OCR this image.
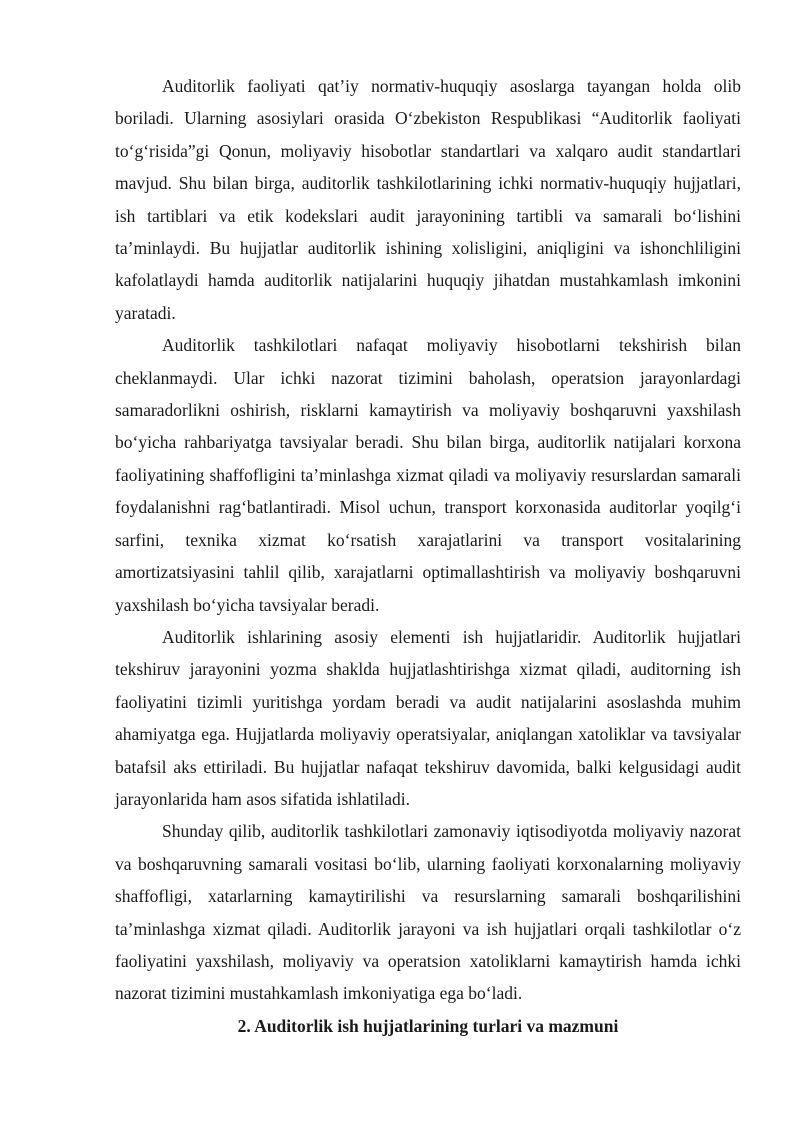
Auditorlik faoliyati qat’iy normativ-huquqiy asoslarga tayangan holda olib boriladi. Ularning asosiylari orasida O‘zbekiston Respublikasi “Auditorlik faoliyati to‘g‘risida”gi Qonun, moliyaviy hisobotlar standartlari va xalqaro audit standartlari mavjud. Shu bilan birga, auditorlik tashkilotlarining ichki normativ-huquqiy hujjatlari, ish tartiblari va etik kodekslari audit jarayonining tartibli va samarali bo‘lishini ta’minlaydi. Bu hujjatlar auditorlik ishining xolisligini, aniqligini va ishonchliligini kafolatlaydi hamda auditorlik natijalarini huquqiy jihatdan mustahkamlash imkonini yaratadi.

Auditorlik tashkilotlari nafaqat moliyaviy hisobotlarni tekshirish bilan cheklanmaydi. Ular ichki nazorat tizimini baholash, operatsion jarayonlardagi samaradorlikni oshirish, risklarni kamaytirish va moliyaviy boshqaruvni yaxshilash bo‘yicha rahbariyatga tavsiyalar beradi. Shu bilan birga, auditorlik natijalari korxona faoliyatining shaffofligini ta’minlashga xizmat qiladi va moliyaviy resurslardan samarali foydalanishni rag‘batlantiradi. Misol uchun, transport korxonasida auditorlar yoqilg‘i sarfini, texnika xizmat ko‘rsatish xarajatlarini va transport vositalarining amortizatsiyasini tahlil qilib, xarajatlarni optimallashtirish va moliyaviy boshqaruvni yaxshilash bo‘yicha tavsiyalar beradi.

Auditorlik ishlarining asosiy elementi ish hujjatlaridir. Auditorlik hujjatlari tekshiruv jarayonini yozma shaklda hujjatlashtirishga xizmat qiladi, auditorning ish faoliyatini tizimli yuritishga yordam beradi va audit natijalarini asoslashda muhim ahamiyatga ega. Hujjatlarda moliyaviy operatsiyalar, aniqlangan xatoliklar va tavsiyalar batafsil aks ettiriladi. Bu hujjatlar nafaqat tekshiruv davomida, balki kelgusidagi audit jarayonlarida ham asos sifatida ishlatiladi.

Shunday qilib, auditorlik tashkilotlari zamonaviy iqtisodiyotda moliyaviy nazorat va boshqaruvning samarali vositasi bo‘lib, ularning faoliyati korxonalarning moliyaviy shaffofligi, xatarlarning kamaytirilishi va resurslarning samarali boshqarilishini ta’minlashga xizmat qiladi. Auditorlik jarayoni va ish hujjatlari orqali tashkilotlar o‘z faoliyatini yaxshilash, moliyaviy va operatsion xatoliklarni kamaytirish hamda ichki nazorat tizimini mustahkamlash imkoniyatiga ega bo‘ladi.

2. Auditorlik ish hujjatlarining turlari va mazmuni
